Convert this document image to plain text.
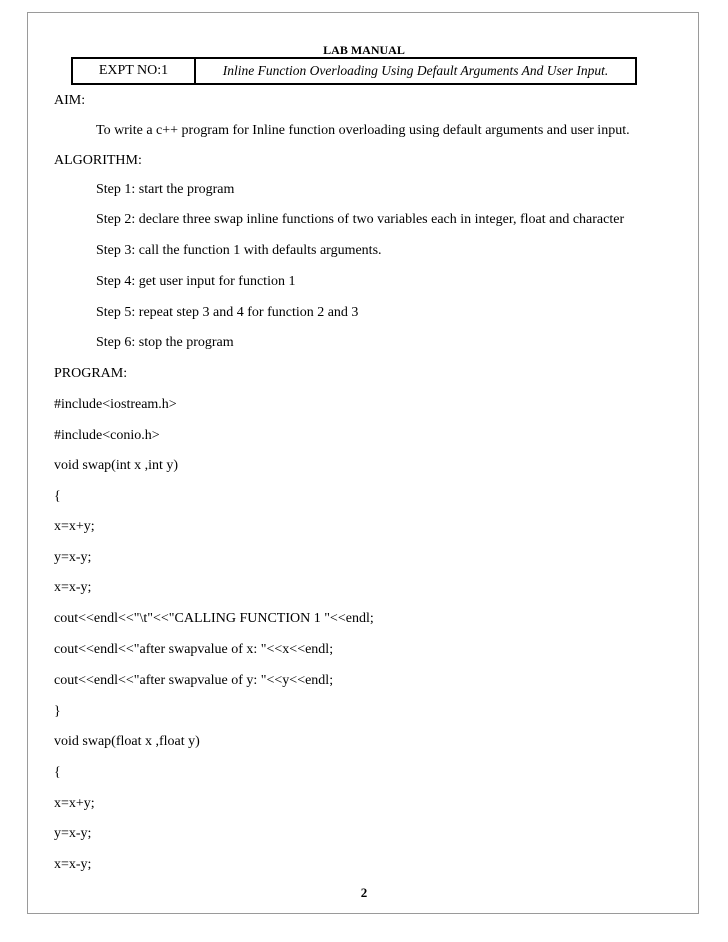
LAB MANUAL
EXPT NO:1	Inline Function Overloading Using Default Arguments And User Input.
AIM:
To write a c++ program for Inline function overloading using default arguments and user input.
ALGORITHM:
Step 1: start the program
Step 2: declare three swap inline functions of two variables each in integer, float and character
Step 3: call the function 1 with defaults arguments.
Step 4: get user input for function 1
Step 5: repeat step 3 and 4 for function 2 and 3
Step 6: stop the program
PROGRAM:
#include<iostream.h>
#include<conio.h>
void swap(int x ,int y)
{
x=x+y;
y=x-y;
x=x-y;
cout<<endl<<"\t"<<"CALLING FUNCTION 1 "<<endl;
cout<<endl<<"after swapvalue of x: "<<x<<endl;
cout<<endl<<"after swapvalue of y: "<<y<<endl;
}
void swap(float x ,float y)
{
x=x+y;
y=x-y;
x=x-y;
2
